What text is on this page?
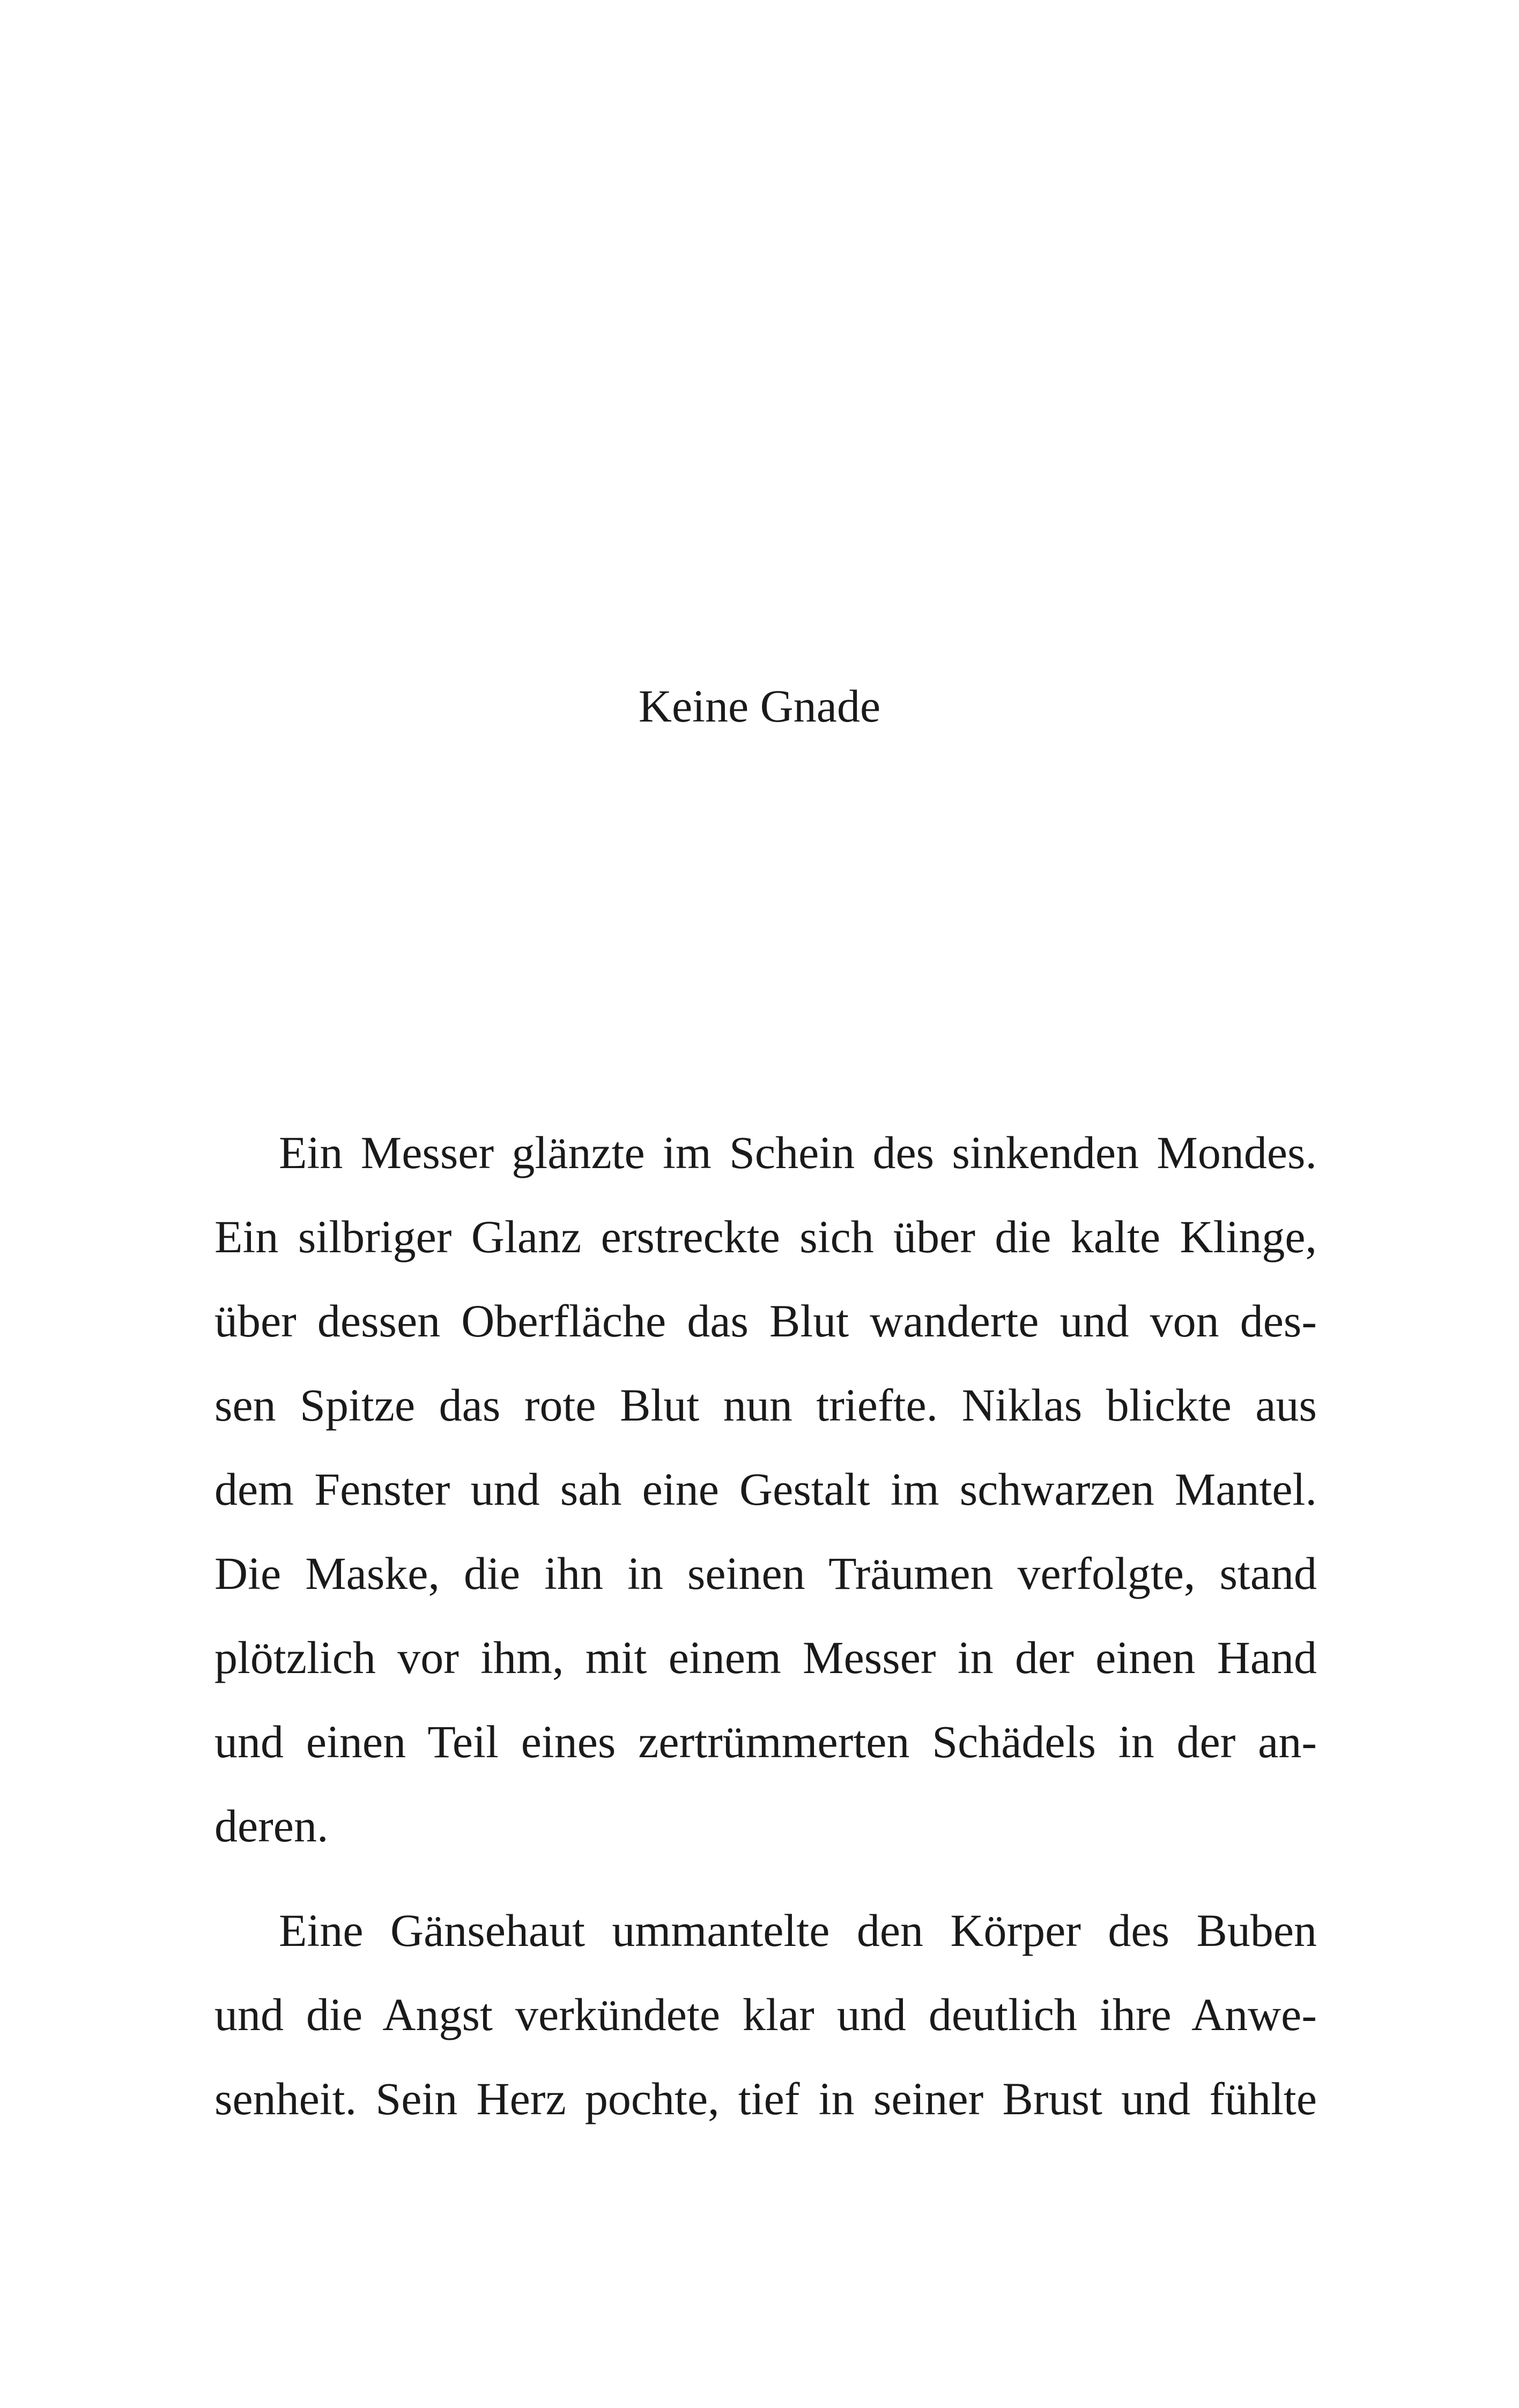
Keine Gnade
Ein Messer glänzte im Schein des sinkenden Mondes.
Ein silbriger Glanz erstreckte sich über die kalte Klinge,
über dessen Oberfläche das Blut wanderte und von des-
sen Spitze das rote Blut nun triefte. Niklas blickte aus
dem Fenster und sah eine Gestalt im schwarzen Mantel.
Die Maske, die ihn in seinen Träumen verfolgte, stand
plötzlich vor ihm, mit einem Messer in der einen Hand
und einen Teil eines zertrümmerten Schädels in der an-
deren.
Eine Gänsehaut ummantelte den Körper des Buben
und die Angst verkündete klar und deutlich ihre Anwe-
senheit. Sein Herz pochte, tief in seiner Brust und fühlte
